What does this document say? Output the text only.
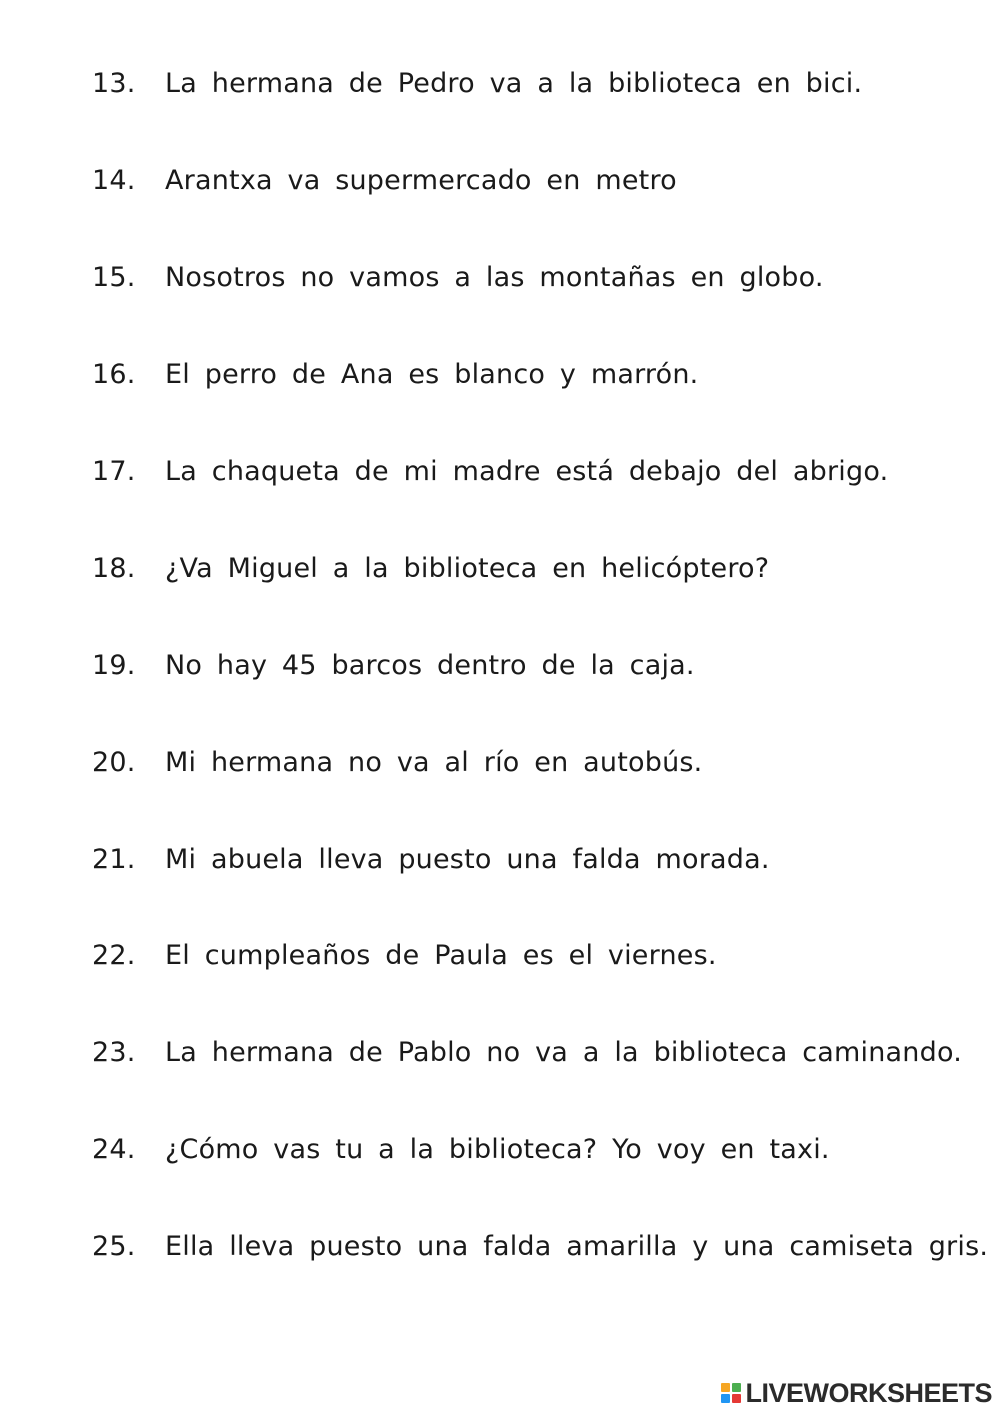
13.	La hermana de Pedro va a la biblioteca en bici.
14.	Arantxa va supermercado en metro
15.	Nosotros no vamos a las montañas en globo.
16.	El perro de Ana es blanco y marrón.
17.	La chaqueta de mi madre está debajo del abrigo.
18.	¿Va Miguel a la biblioteca en helicóptero?
19.	No hay 45 barcos dentro de la caja.
20.	Mi hermana no va al río en autobús.
21.	Mi abuela lleva puesto una falda morada.
22.	El cumpleaños de Paula es el viernes.
23.	La hermana de Pablo no va a la biblioteca caminando.
24.	¿Cómo vas tu a la biblioteca? Yo voy en taxi.
25.	Ella lleva puesto una falda amarilla y una camiseta gris.
LIVEWORKSHEETS
